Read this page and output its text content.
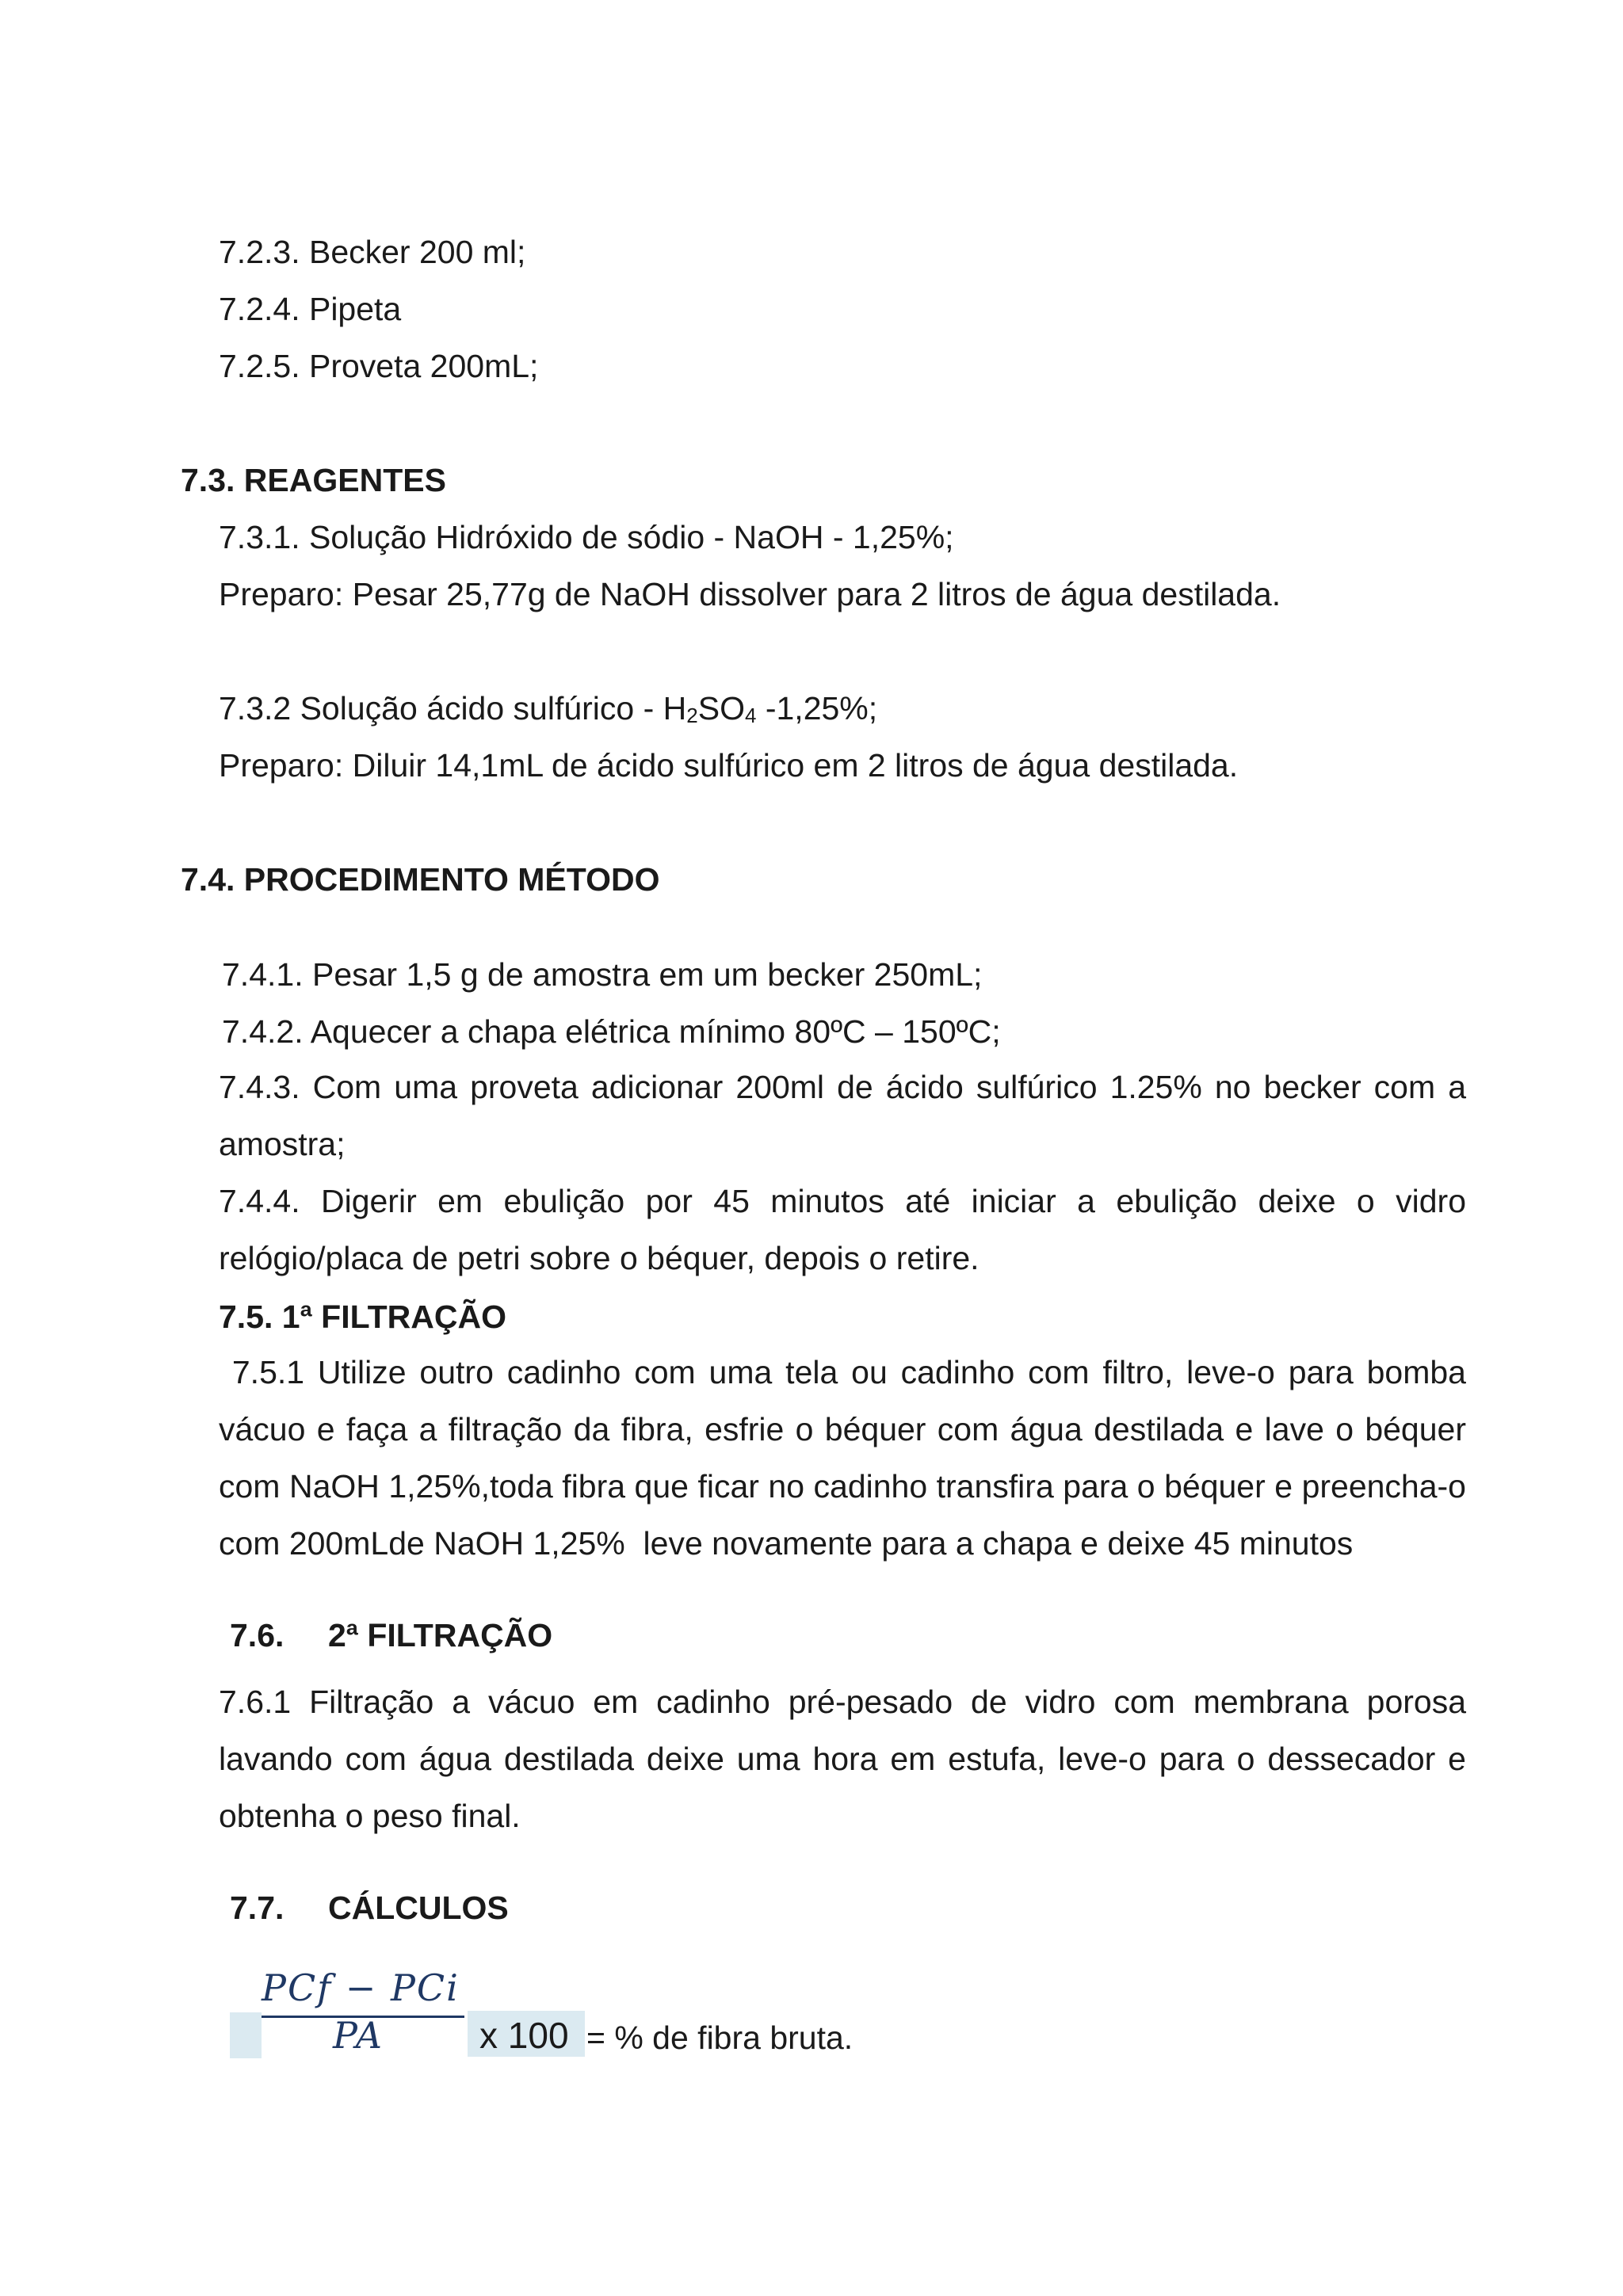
7.2.3. Becker 200 ml;
7.2.4. Pipeta
7.2.5. Proveta 200mL;
7.3. REAGENTES
7.3.1. Solução Hidróxido de sódio - NaOH - 1,25%;
Preparo: Pesar 25,77g de NaOH dissolver para 2 litros de água destilada.
7.3.2 Solução ácido sulfúrico - $H_2SO_4$ -1,25%;
Preparo: Diluir 14,1mL de ácido sulfúrico em 2 litros de água destilada.
7.4. PROCEDIMENTO MÉTODO
7.4.1. Pesar 1,5 g de amostra em um becker 250mL;
7.4.2. Aquecer a chapa elétrica mínimo 80ºC – 150ºC;
7.4.3. Com uma proveta adicionar 200ml de ácido sulfúrico 1.25% no becker com a amostra;
7.4.4. Digerir em ebulição por 45 minutos até iniciar a ebulição deixe o vidro relógio/placa de petri sobre o béquer, depois o retire.
7.5. 1ª FILTRAÇÃO
7.5.1 Utilize outro cadinho com uma tela ou cadinho com filtro, leve-o para bomba vácuo e faça a filtração da fibra, esfrie o béquer com água destilada e lave o béquer com NaOH 1,25%,toda fibra que ficar no cadinho transfira para o béquer e preencha-o com 200mLde NaOH 1,25%  leve novamente para a chapa e deixe 45 minutos
7.6. 2ª FILTRAÇÃO
7.6.1 Filtração a vácuo em cadinho pré-pesado de vidro com membrana porosa lavando com água destilada deixe uma hora em estufa, leve-o para o dessecador e obtenha o peso final.
7.7. CÁLCULOS
PCf − PCi
PA	x 100 = % de fibra bruta.
